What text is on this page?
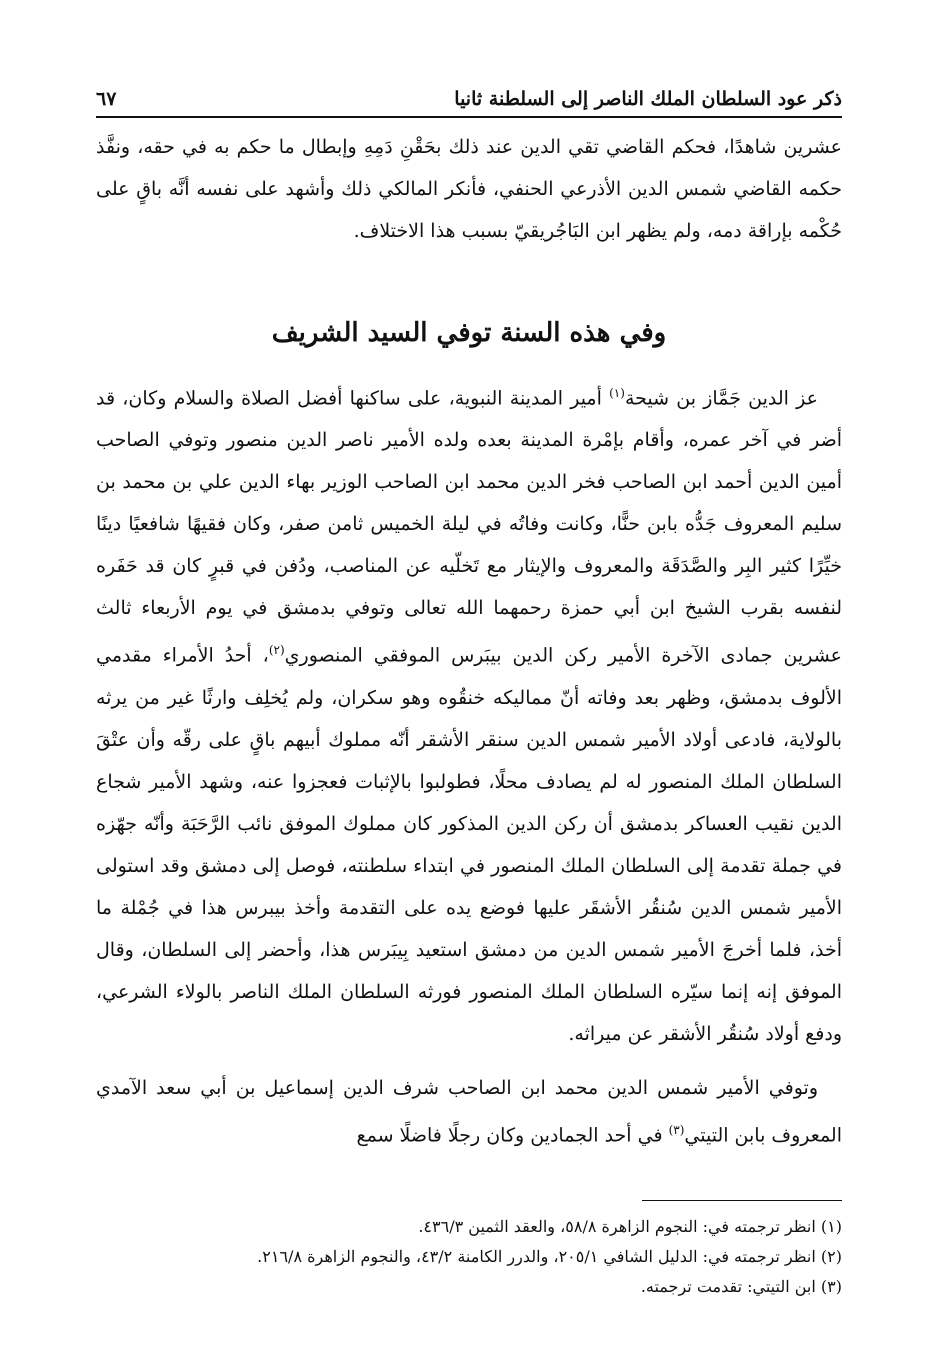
ذكر عود السلطان الملك الناصر إلى السلطنة ثانيا
٦٧

عشرين شاهدًا، فحكم القاضي تقي الدين عند ذلك بحَقْنِ دَمِهِ وإبطال ما حكم به في حقه، ونفَّذ حكمه القاضي شمس الدين الأذرعي الحنفي، فأنكر المالكي ذلك وأشهد على نفسه أنَّه باقٍ على حُكْمه بإراقة دمه، ولم يظهر ابن البَاجُريقيّ بسبب هذا الاختلاف.

وفي هذه السنة توفي السيد الشريف

عز الدين جَمَّاز بن شيحة$^{(١)}$ أمير المدينة النبوية، على ساكنها أفضل الصلاة والسلام وكان، قد أضر في آخر عمره، وأقام بإمْرة المدينة بعده ولده الأمير ناصر الدين منصور وتوفي الصاحب أمين الدين أحمد ابن الصاحب فخر الدين محمد ابن الصاحب الوزير بهاء الدين علي بن محمد بن سليم المعروف جَدُّه بابن حنًّا، وكانت وفاتُه في ليلة الخميس ثامن صفر، وكان فقيهًا شافعيًا دينًا خيِّرًا كثير البِر والصَّدَقَة والمعروف والإيثار مع تَخلّيه عن المناصب، ودُفن في قبرٍ كان قد حَفَره لنفسه بقرب الشيخ ابن أبي حمزة رحمهما الله تعالى وتوفي بدمشق في يوم الأربعاء ثالث عشرين جمادى الآخرة الأمير ركن الدين بيبَرس الموفقي المنصوري$^{(٢)}$، أحدُ الأمراء مقدمي الألوف بدمشق، وظهر بعد وفاته أنّ مماليكه خنقُوه وهو سكران، ولم يُخلِف وارثًا غير من يرثه بالولاية، فادعى أولاد الأمير شمس الدين سنقر الأشقر أنّه مملوك أبيهم باقٍ على رقّه وأن عتْقَ السلطان الملك المنصور له لم يصادف محلًا، فطولبوا بالإثبات فعجزوا عنه، وشهد الأمير شجاع الدين نقيب العساكر بدمشق أن ركن الدين المذكور كان مملوك الموفق نائب الرَّحَبَة وأنّه جهّزه في جملة تقدمة إلى السلطان الملك المنصور في ابتداء سلطنته، فوصل إلى دمشق وقد استولى الأمير شمس الدين سُنقُر الأشقَر عليها فوضع يده على التقدمة وأخذ بيبرس هذا في جُمْلة ما أخذ، فلما أخرجَ الأمير شمس الدين من دمشق استعيد بِيبَرس هذا، وأحضر إلى السلطان، وقال الموفق إنه إنما سيّره السلطان الملك المنصور فورثه السلطان الملك الناصر بالولاء الشرعي، ودفع أولاد سُنقُر الأشقر عن ميراثه.

وتوفي الأمير شمس الدين محمد ابن الصاحب شرف الدين إسماعيل بن أبي سعد الآمدي المعروف بابن التيتي$^{(٣)}$ في أحد الجمادين وكان رجلًا فاضلًا سمع

(١) انظر ترجمته في: النجوم الزاهرة ٥٨/٨، والعقد الثمين ٤٣٦/٣.

(٢) انظر ترجمته في: الدليل الشافي ٢٠٥/١، والدرر الكامنة ٤٣/٢، والنجوم الزاهرة ٢١٦/٨.

(٣) ابن التيتي: تقدمت ترجمته.
